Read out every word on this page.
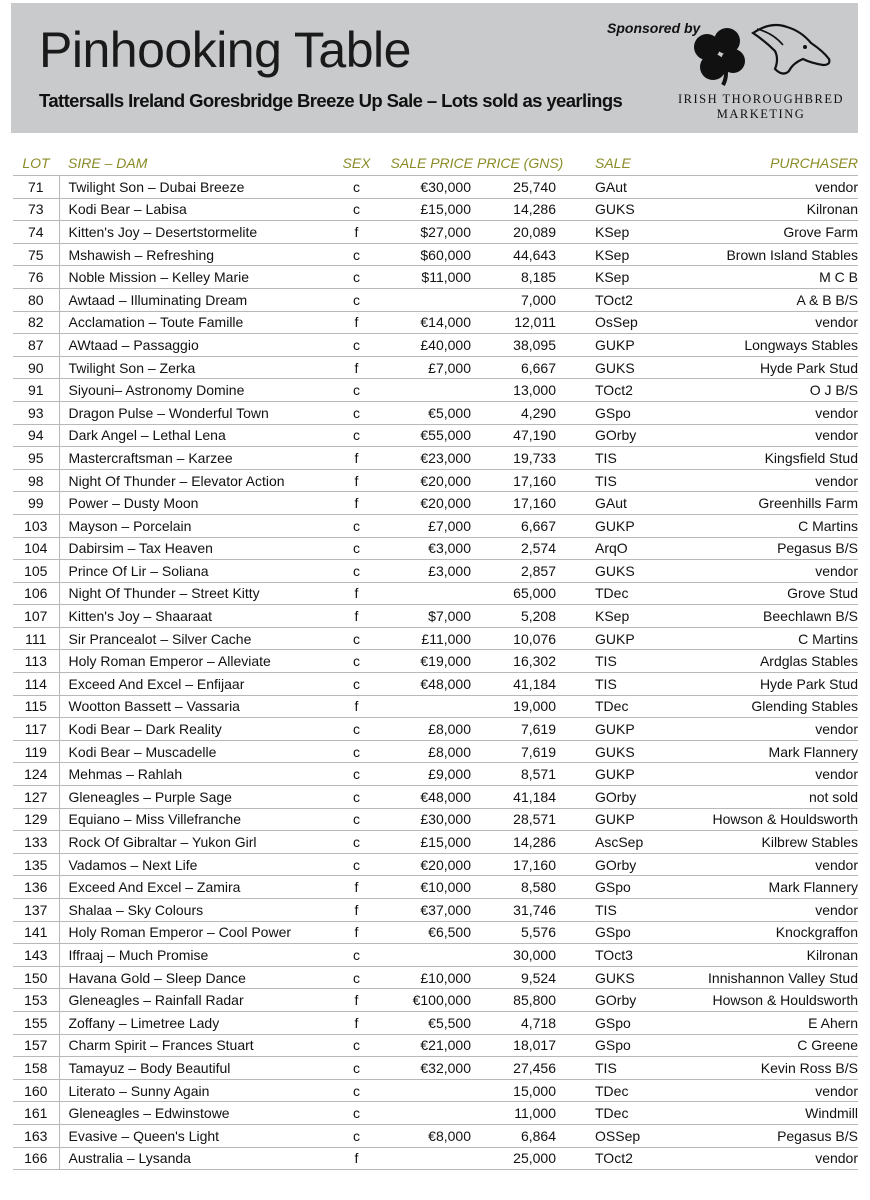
Pinhooking Table
Tattersalls Ireland Goresbridge Breeze Up Sale – Lots sold as yearlings
Sponsored by
IRISH THOROUGHBRED
MARKETING
LOT	SIRE – DAM	SEX	SALE PRICE	PRICE (GNS)	SALE	PURCHASER
71	Twilight Son – Dubai Breeze	c	€30,000	25,740	GAut	vendor
73	Kodi Bear – Labisa	c	£15,000	14,286	GUKS	Kilronan
74	Kitten's Joy – Desertstormelite	f	$27,000	20,089	KSep	Grove Farm
75	Mshawish – Refreshing	c	$60,000	44,643	KSep	Brown Island Stables
76	Noble Mission – Kelley Marie	c	$11,000	8,185	KSep	M C B
80	Awtaad – Illuminating Dream	c		7,000	TOct2	A & B B/S
82	Acclamation – Toute Famille	f	€14,000	12,011	OsSep	vendor
87	AWtaad – Passaggio	c	£40,000	38,095	GUKP	Longways Stables
90	Twilight Son – Zerka	f	£7,000	6,667	GUKS	Hyde Park Stud
91	Siyouni– Astronomy Domine	c		13,000	TOct2	O J B/S
93	Dragon Pulse – Wonderful Town	c	€5,000	4,290	GSpo	vendor
94	Dark Angel – Lethal Lena	c	€55,000	47,190	GOrby	vendor
95	Mastercraftsman – Karzee	f	€23,000	19,733	TIS	Kingsfield Stud
98	Night Of Thunder – Elevator Action	f	€20,000	17,160	TIS	vendor
99	Power – Dusty Moon	f	€20,000	17,160	GAut	Greenhills Farm
103	Mayson – Porcelain	c	£7,000	6,667	GUKP	C Martins
104	Dabirsim – Tax Heaven	c	€3,000	2,574	ArqO	Pegasus B/S
105	Prince Of Lir – Soliana	c	£3,000	2,857	GUKS	vendor
106	Night Of Thunder – Street Kitty	f		65,000	TDec	Grove Stud
107	Kitten's Joy – Shaaraat	f	$7,000	5,208	KSep	Beechlawn B/S
111	Sir Prancealot – Silver Cache	c	£11,000	10,076	GUKP	C Martins
113	Holy Roman Emperor – Alleviate	c	€19,000	16,302	TIS	Ardglas Stables
114	Exceed And Excel – Enfijaar	c	€48,000	41,184	TIS	Hyde Park Stud
115	Wootton Bassett – Vassaria	f		19,000	TDec	Glending Stables
117	Kodi Bear – Dark Reality	c	£8,000	7,619	GUKP	vendor
119	Kodi Bear – Muscadelle	c	£8,000	7,619	GUKS	Mark Flannery
124	Mehmas – Rahlah	c	£9,000	8,571	GUKP	vendor
127	Gleneagles – Purple Sage	c	€48,000	41,184	GOrby	not sold
129	Equiano – Miss Villefranche	c	£30,000	28,571	GUKP	Howson & Houldsworth
133	Rock Of Gibraltar – Yukon Girl	c	£15,000	14,286	AscSep	Kilbrew Stables
135	Vadamos – Next Life	c	€20,000	17,160	GOrby	vendor
136	Exceed And Excel – Zamira	f	€10,000	8,580	GSpo	Mark Flannery
137	Shalaa – Sky Colours	f	€37,000	31,746	TIS	vendor
141	Holy Roman Emperor – Cool Power	f	€6,500	5,576	GSpo	Knockgraffon
143	Iffraaj – Much Promise	c		30,000	TOct3	Kilronan
150	Havana Gold – Sleep Dance	c	£10,000	9,524	GUKS	Innishannon Valley Stud
153	Gleneagles – Rainfall Radar	f	€100,000	85,800	GOrby	Howson & Houldsworth
155	Zoffany – Limetree Lady	f	€5,500	4,718	GSpo	E Ahern
157	Charm Spirit – Frances Stuart	c	€21,000	18,017	GSpo	C Greene
158	Tamayuz – Body Beautiful	c	€32,000	27,456	TIS	Kevin Ross B/S
160	Literato – Sunny Again	c		15,000	TDec	vendor
161	Gleneagles – Edwinstowe	c		11,000	TDec	Windmill
163	Evasive – Queen's Light	c	€8,000	6,864	OSSep	Pegasus B/S
166	Australia – Lysanda	f		25,000	TOct2	vendor
